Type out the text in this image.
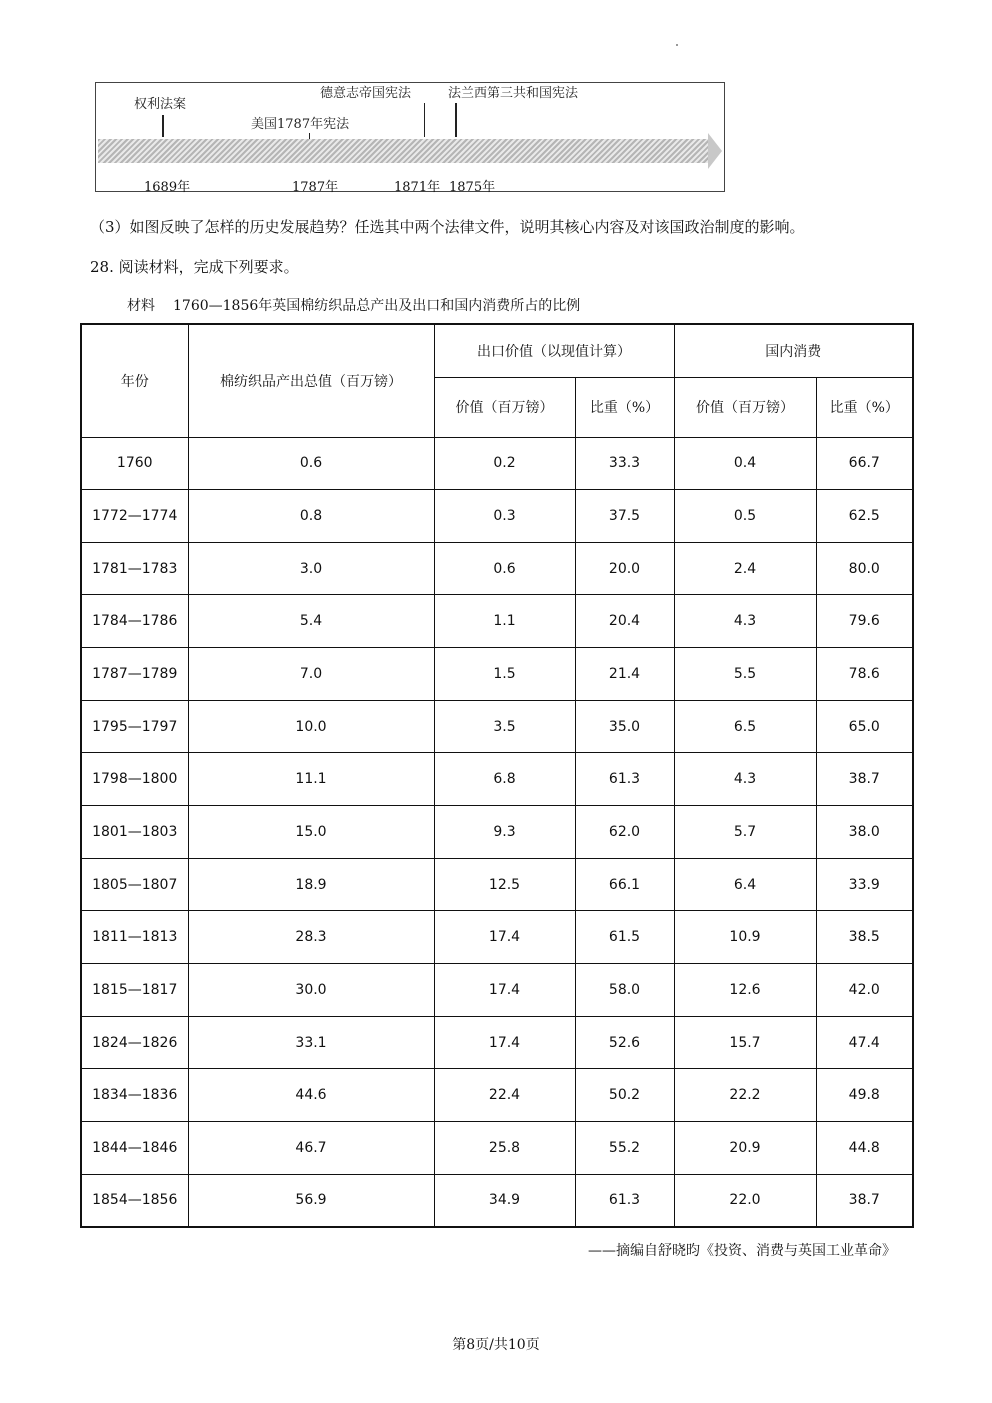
权利法案
美国1787年宪法
德意志帝国宪法	法兰西第三共和国宪法
1689年	1787年	1871年 1875年
（3）如图反映了怎样的历史发展趋势？任选其中两个法律文件，说明其核心内容及对该国政治制度的影响。
28. 阅读材料，完成下列要求。
材料 1760—1856年英国棉纺织品总产出及出口和国内消费所占的比例
年份	棉纺织品产出总值（百万镑）	出口价值（以现值计算）		国内消费	
		价值（百万镑）	比重（%）	价值（百万镑）	比重（%）
1760	0.6	0.2	33.3	0.4	66.7
1772—1774	0.8	0.3	37.5	0.5	62.5
1781—1783	3.0	0.6	20.0	2.4	80.0
1784—1786	5.4	1.1	20.4	4.3	79.6
1787—1789	7.0	1.5	21.4	5.5	78.6
1795—1797	10.0	3.5	35.0	6.5	65.0
1798—1800	11.1	6.8	61.3	4.3	38.7
1801—1803	15.0	9.3	62.0	5.7	38.0
1805—1807	18.9	12.5	66.1	6.4	33.9
1811—1813	28.3	17.4	61.5	10.9	38.5
1815—1817	30.0	17.4	58.0	12.6	42.0
1824—1826	33.1	17.4	52.6	15.7	47.4
1834—1836	44.6	22.4	50.2	22.2	49.8
1844—1846	46.7	25.8	55.2	20.9	44.8
1854—1856	56.9	34.9	61.3	22.0	38.7
——摘编自舒晓昀《投资、消费与英国工业革命》
第8页/共10页
